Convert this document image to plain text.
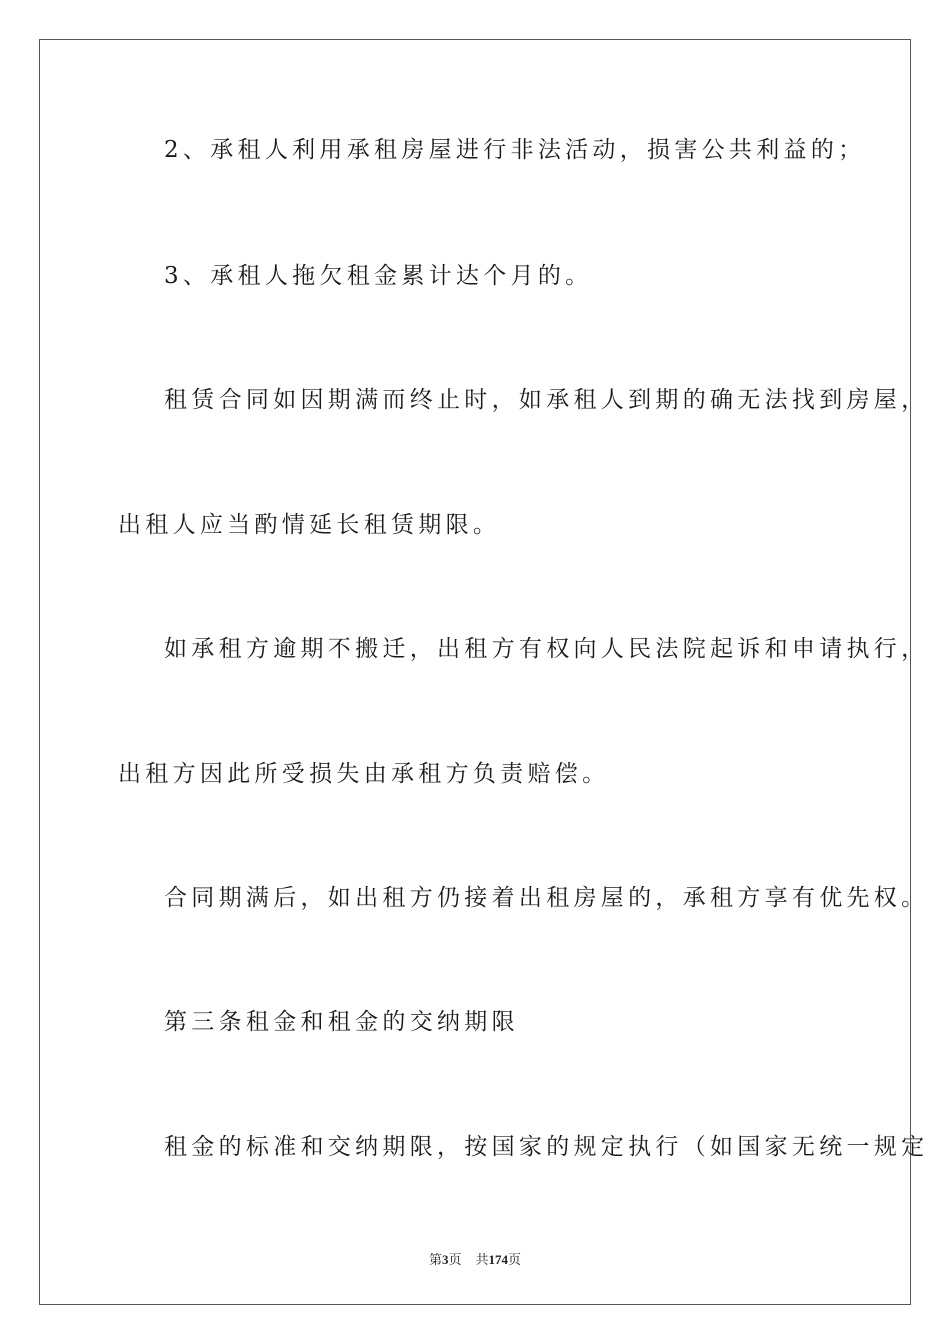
2、承租人利用承租房屋进行非法活动，损害公共利益的；
3、承租人拖欠租金累计达个月的。
租赁合同如因期满而终止时，如承租人到期的确无法找到房屋，
出租人应当酌情延长租赁期限。
如承租方逾期不搬迁，出租方有权向人民法院起诉和申请执行，
出租方因此所受损失由承租方负责赔偿。
合同期满后，如出租方仍接着出租房屋的，承租方享有优先权。
第三条租金和租金的交纳期限
租金的标准和交纳期限，按国家的规定执行（如国家无统一规定
第3页 共174页
